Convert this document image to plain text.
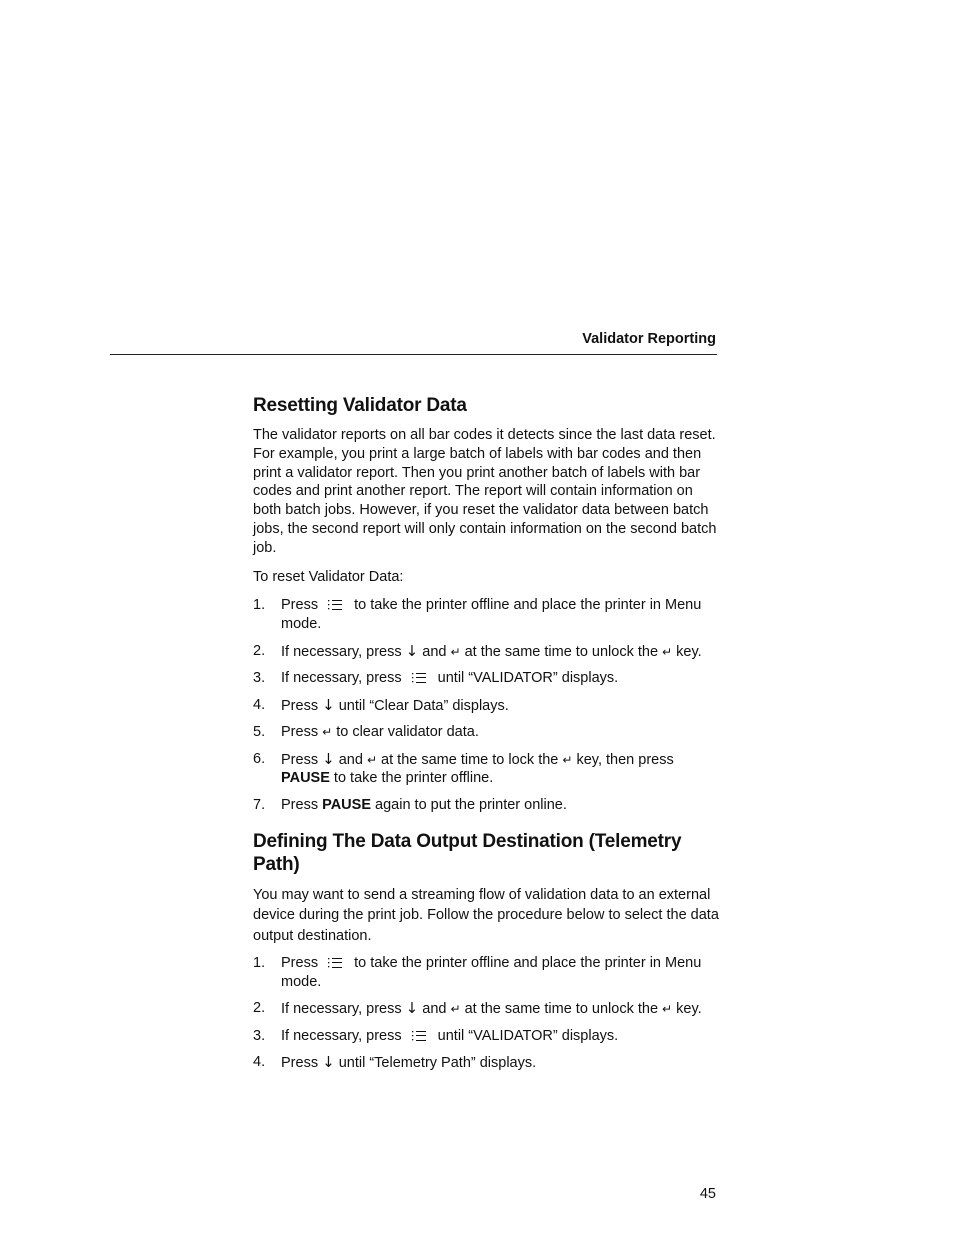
Validator Reporting
Resetting Validator Data

The validator reports on all bar codes it detects since the last data reset. For example, you print a large batch of labels with bar codes and then print a validator report. Then you print another batch of labels with bar codes and print another report. The report will contain information on both batch jobs. However, if you reset the validator data between batch jobs, the second report will only contain information on the second batch job.

To reset Validator Data:

1. Press to take the printer offline and place the printer in Menu mode.
2. If necessary, press ↓ and ↵ at the same time to unlock the ↵ key.
3. If necessary, press until “VALIDATOR” displays.
4. Press ↓ until “Clear Data” displays.
5. Press ↵ to clear validator data.
6. Press ↓ and ↵ at the same time to lock the ↵ key, then press PAUSE to take the printer offline.
7. Press PAUSE again to put the printer online.
Defining The Data Output Destination (Telemetry Path)

You may want to send a streaming flow of validation data to an external device during the print job. Follow the procedure below to select the data output destination.

1. Press to take the printer offline and place the printer in Menu mode.
2. If necessary, press ↓ and ↵ at the same time to unlock the ↵ key.
3. If necessary, press until “VALIDATOR” displays.
4. Press ↓ until “Telemetry Path” displays.
45
